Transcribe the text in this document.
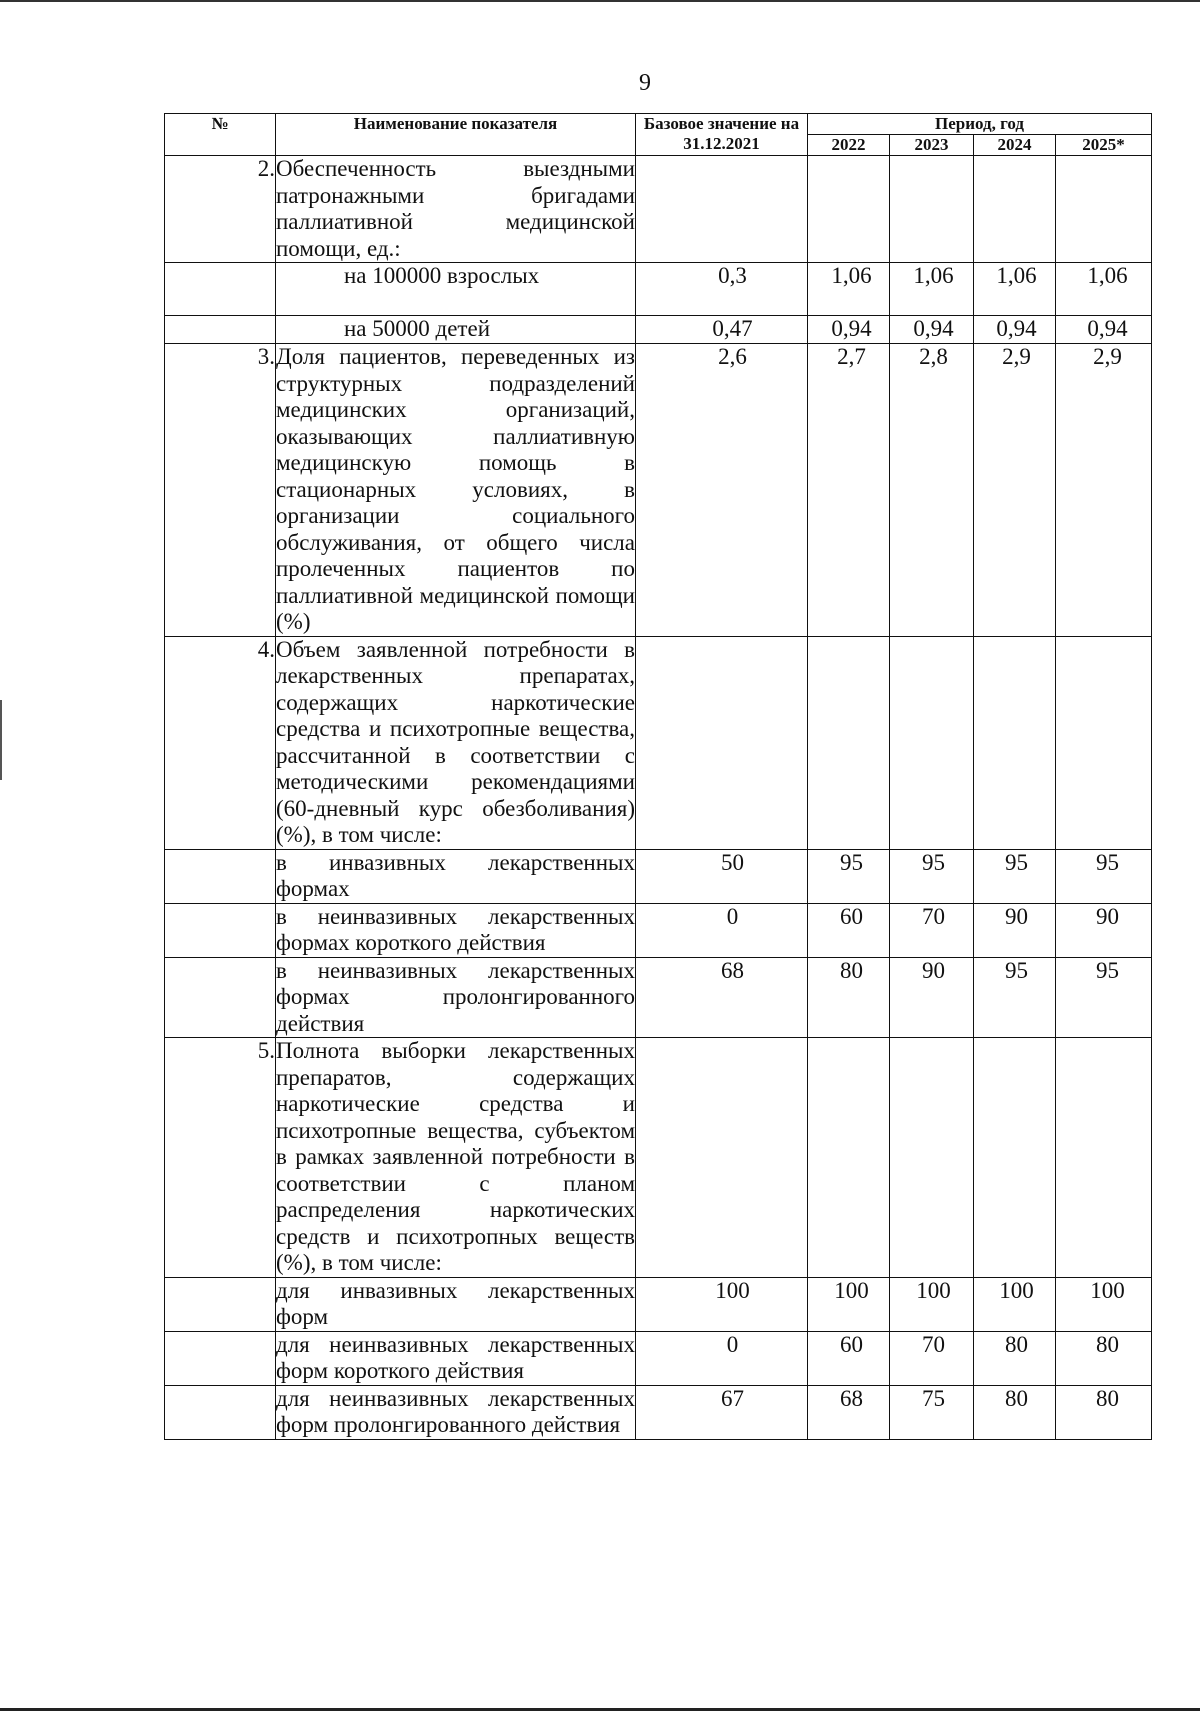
9
№	Наименование показателя	Базовое значение на 31.12.2021	Период, год			
			2022	2023	2024	2025*
2.	Обеспеченность выездными патронажными бригадами паллиативной медицинской помощи, ед.:					
	на 100000 взрослых	0,3	1,06	1,06	1,06	1,06
	на 50000 детей	0,47	0,94	0,94	0,94	0,94
3.	Доля пациентов, переведенных из структурных подразделений медицинских организаций, оказывающих паллиативную медицинскую помощь в стационарных условиях, в организации социального обслуживания, от общего числа пролеченных пациентов по паллиативной медицинской помощи (%)	2,6	2,7	2,8	2,9	2,9
4.	Объем заявленной потребности в лекарственных препаратах, содержащих наркотические средства и психотропные вещества, рассчитанной в соответствии с методическими рекомендациями (60-дневный курс обезболивания) (%), в том числе:					
	в инвазивных лекарственных формах	50	95	95	95	95
	в неинвазивных лекарственных формах короткого действия	0	60	70	90	90
	в неинвазивных лекарственных формах пролонгированного действия	68	80	90	95	95
5.	Полнота выборки лекарственных препаратов, содержащих наркотические средства и психотропные вещества, субъектом в рамках заявленной потребности в соответствии с планом распределения наркотических средств и психотропных веществ (%), в том числе:					
	для инвазивных лекарственных форм	100	100	100	100	100
	для неинвазивных лекарственных форм короткого действия	0	60	70	80	80
	для неинвазивных лекарственных форм пролонгированного действия	67	68	75	80	80
